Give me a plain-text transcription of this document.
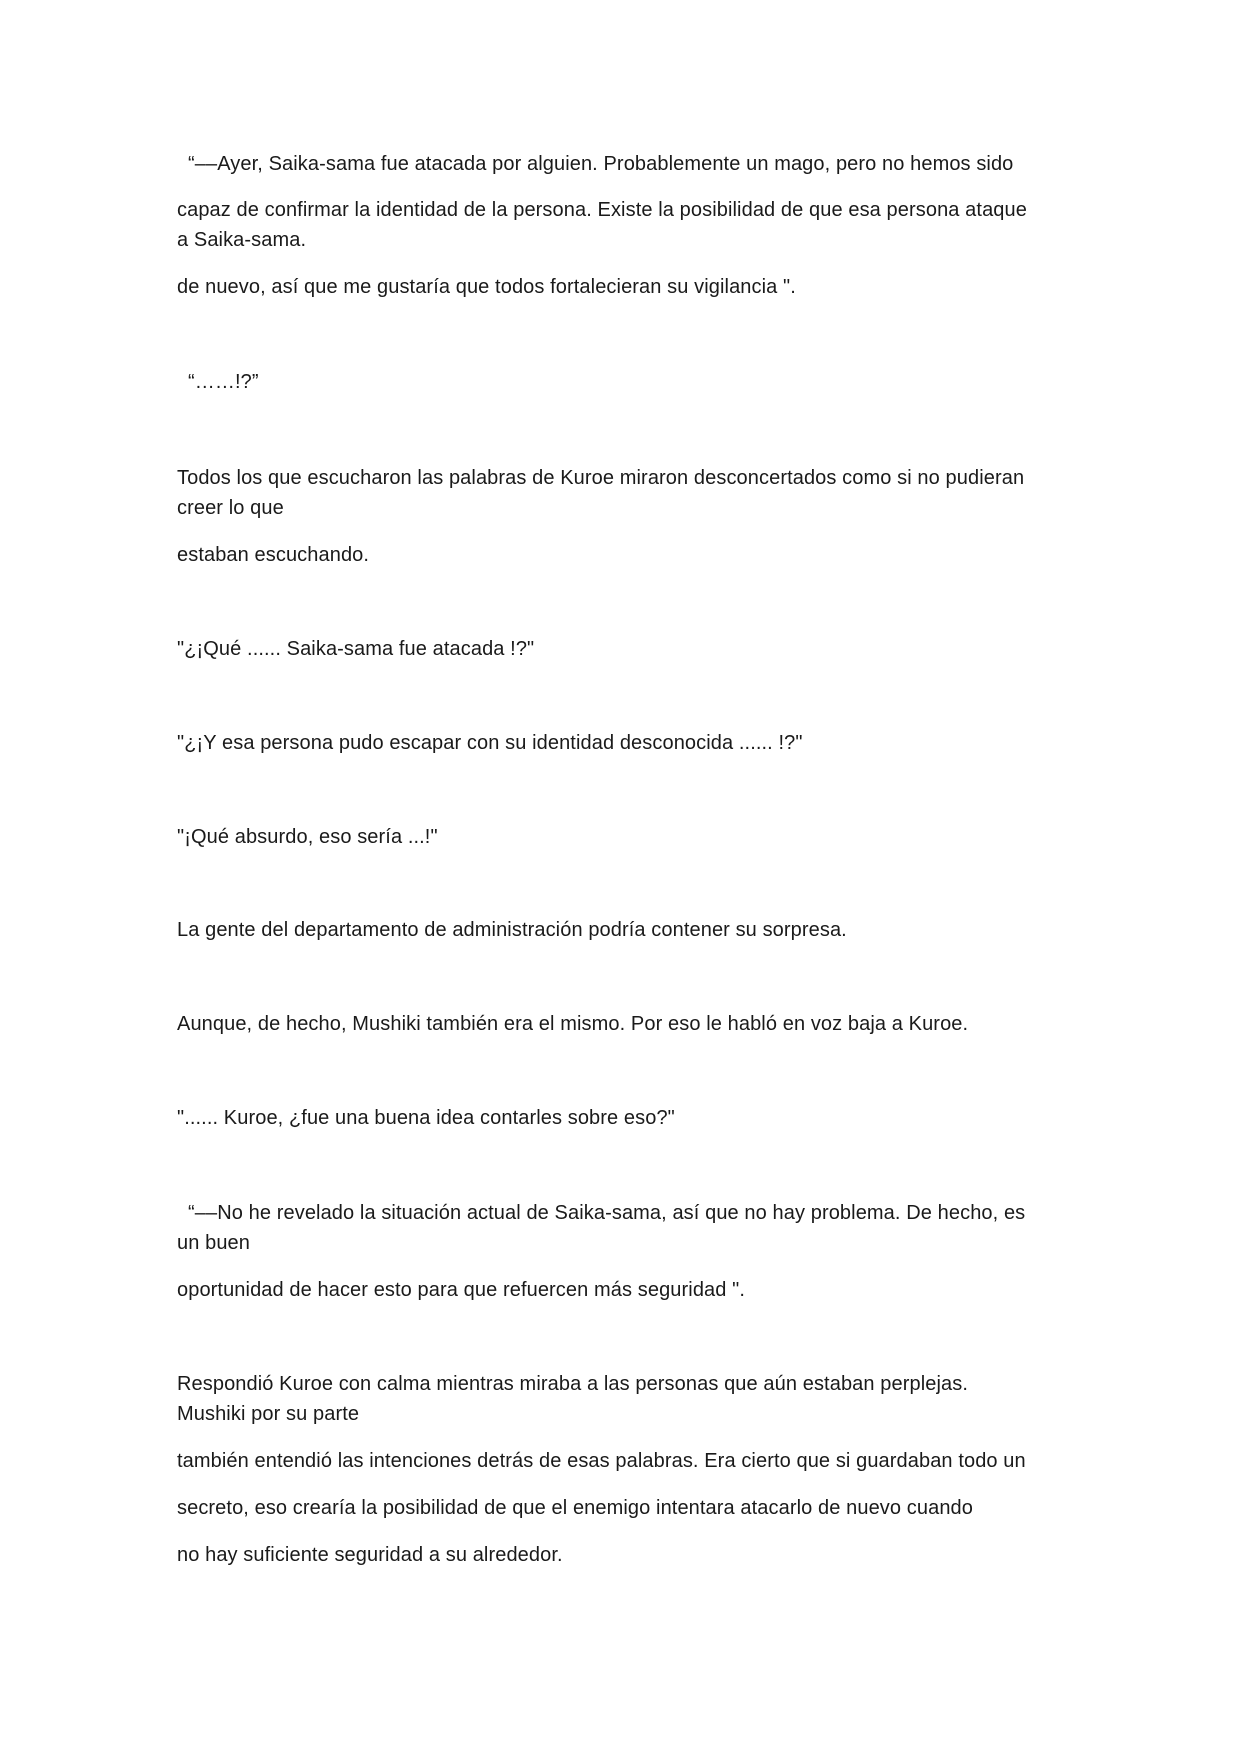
“––Ayer, Saika-sama fue atacada por alguien. Probablemente un mago, pero no hemos sido
capaz de confirmar la identidad de la persona. Existe la posibilidad de que esa persona ataque
a Saika-sama.
de nuevo, así que me gustaría que todos fortalecieran su vigilancia ".
“……!?”
Todos los que escucharon las palabras de Kuroe miraron desconcertados como si no pudieran
creer lo que
estaban escuchando.
"¿¡Qué ...... Saika-sama fue atacada !?"
"¿¡Y esa persona pudo escapar con su identidad desconocida ...... !?"
"¡Qué absurdo, eso sería ...!"
La gente del departamento de administración podría contener su sorpresa.
Aunque, de hecho, Mushiki también era el mismo. Por eso le habló en voz baja a Kuroe.
"...... Kuroe, ¿fue una buena idea contarles sobre eso?"
“––No he revelado la situación actual de Saika-sama, así que no hay problema. De hecho, es
un buen
oportunidad de hacer esto para que refuercen más seguridad ".
Respondió Kuroe con calma mientras miraba a las personas que aún estaban perplejas.
Mushiki por su parte
también entendió las intenciones detrás de esas palabras. Era cierto que si guardaban todo un
secreto, eso crearía la posibilidad de que el enemigo intentara atacarlo de nuevo cuando
no hay suficiente seguridad a su alrededor.
